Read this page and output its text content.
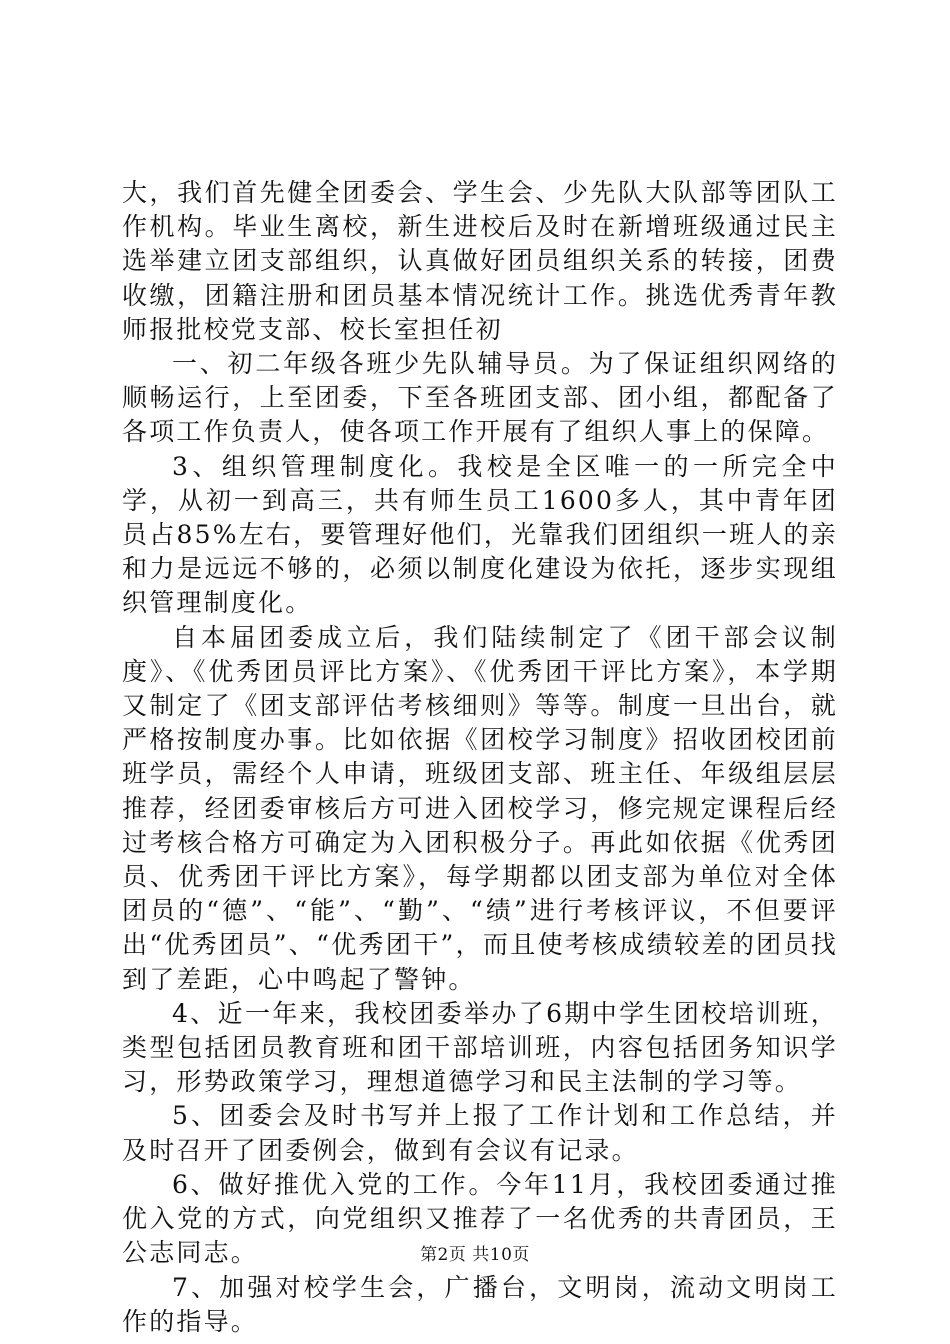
大，我们首先健全团委会、学生会、少先队大队部等团队工作机构。毕业生离校，新生进校后及时在新增班级通过民主选举建立团支部组织，认真做好团员组织关系的转接，团费收缴，团籍注册和团员基本情况统计工作。挑选优秀青年教师报批校党支部、校长室担任初

一、初二年级各班少先队辅导员。为了保证组织网络的顺畅运行，上至团委，下至各班团支部、团小组，都配备了各项工作负责人，使各项工作开展有了组织人事上的保障。

3、组织管理制度化。我校是全区唯一的一所完全中学，从初一到高三，共有师生员工1600多人，其中青年团员占85%左右，要管理好他们，光靠我们团组织一班人的亲和力是远远不够的，必须以制度化建设为依托，逐步实现组织管理制度化。

自本届团委成立后，我们陆续制定了《团干部会议制度》、《优秀团员评比方案》、《优秀团干评比方案》，本学期又制定了《团支部评估考核细则》等等。制度一旦出台，就严格按制度办事。比如依据《团校学习制度》招收团校团前班学员，需经个人申请，班级团支部、班主任、年级组层层推荐，经团委审核后方可进入团校学习，修完规定课程后经过考核合格方可确定为入团积极分子。再此如依据《优秀团员、优秀团干评比方案》，每学期都以团支部为单位对全体团员的“德”、“能”、“勤”、“绩”进行考核评议，不但要评出“优秀团员”、“优秀团干”，而且使考核成绩较差的团员找到了差距，心中鸣起了警钟。

4、近一年来，我校团委举办了6期中学生团校培训班，类型包括团员教育班和团干部培训班，内容包括团务知识学习，形势政策学习，理想道德学习和民主法制的学习等。

5、团委会及时书写并上报了工作计划和工作总结，并及时召开了团委例会，做到有会议有记录。

6、做好推优入党的工作。今年11月，我校团委通过推优入党的方式，向党组织又推荐了一名优秀的共青团员，王公志同志。

7、加强对校学生会，广播台，文明岗，流动文明岗工作的指导。

第2页 共10页
